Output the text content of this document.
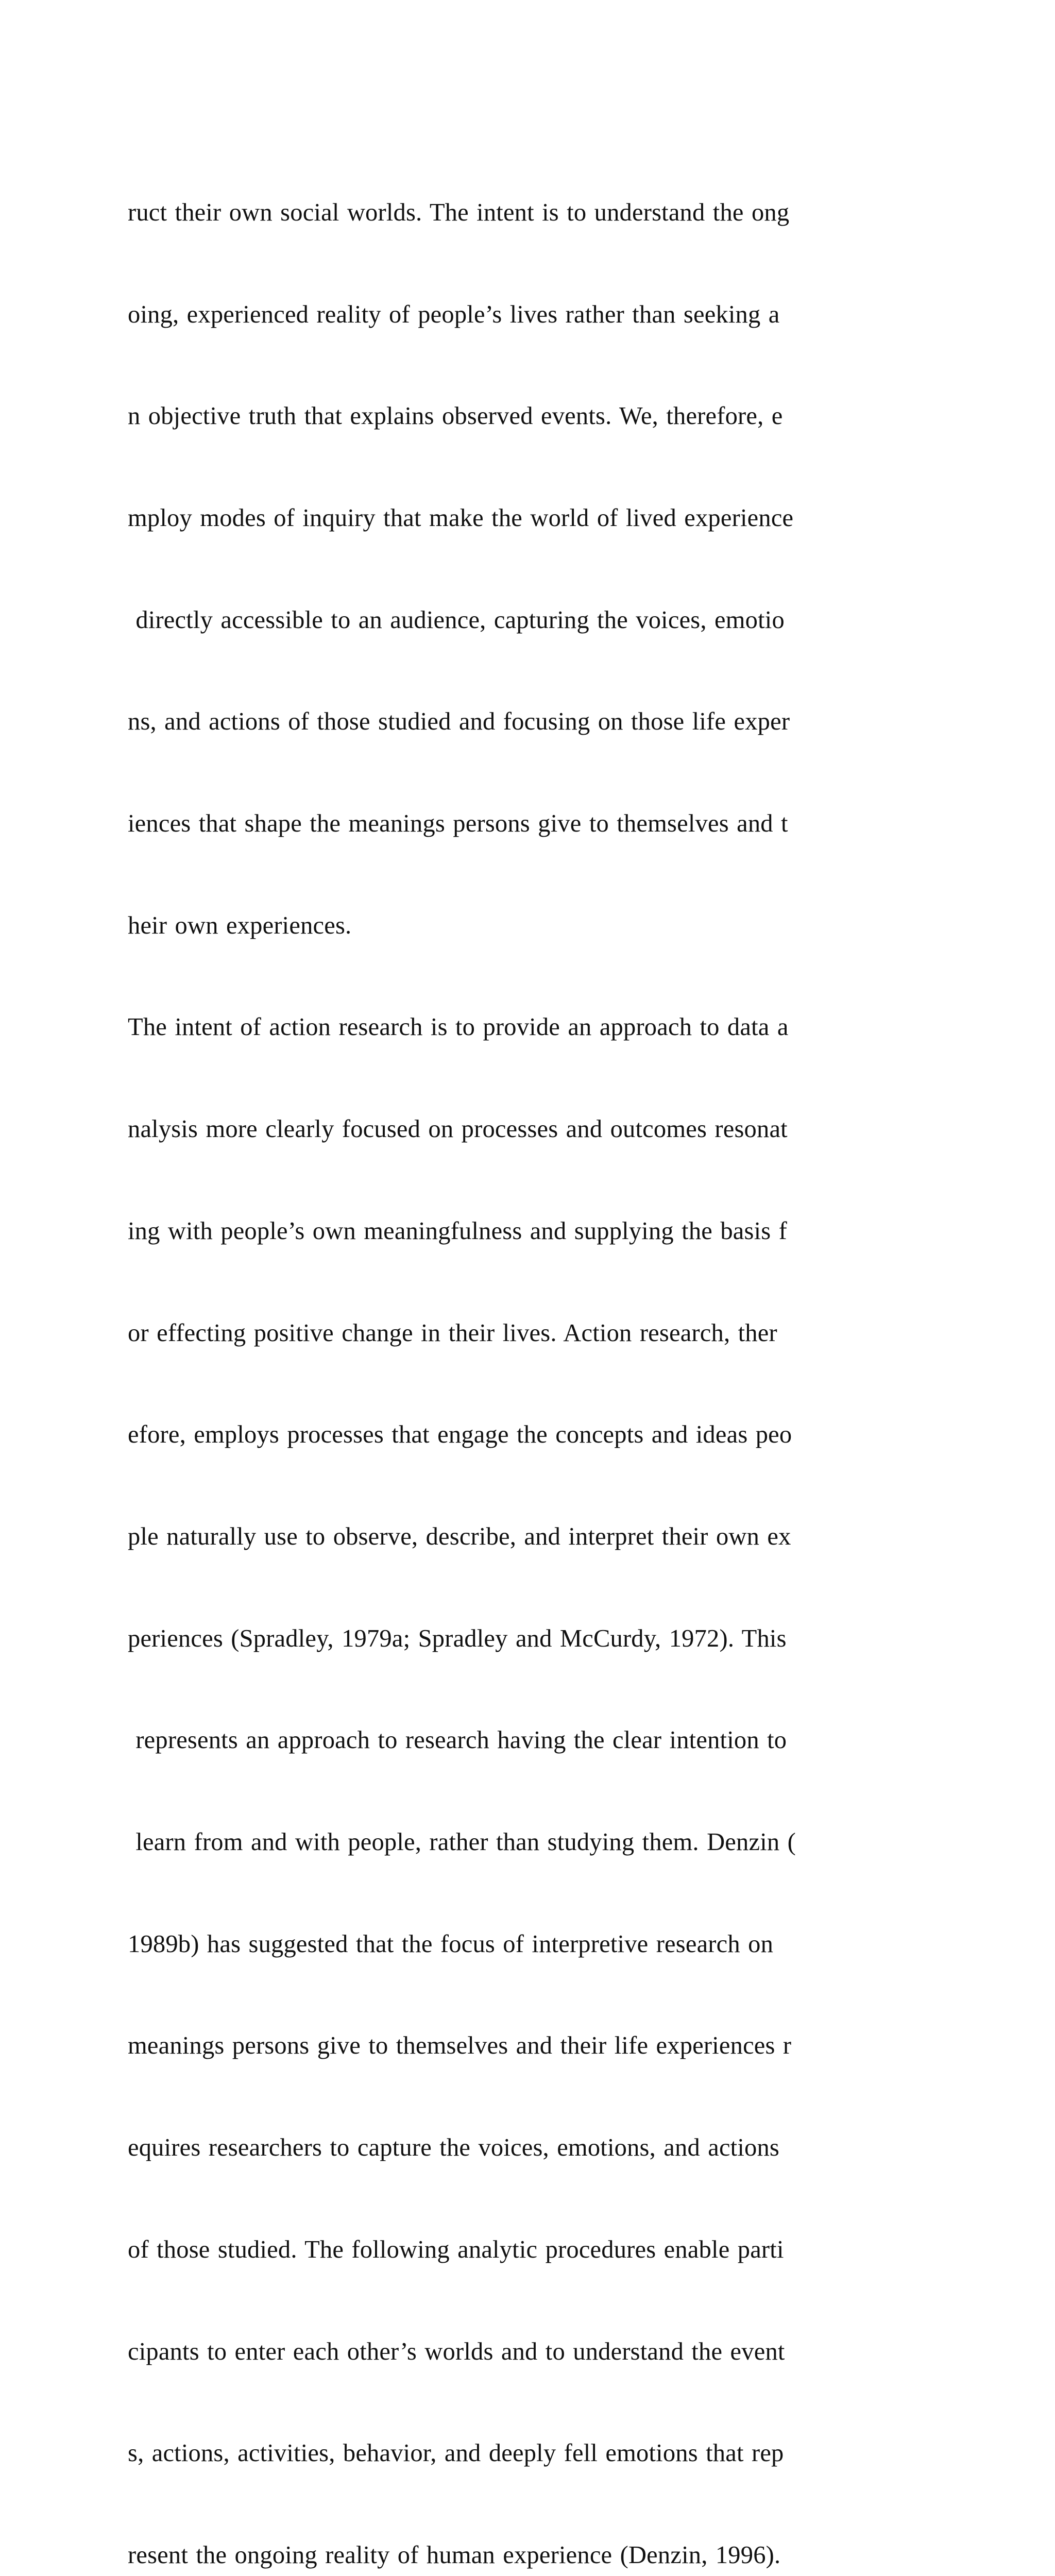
ruct their own social worlds. The intent is to understand the ong

oing, experienced reality of people’s lives rather than seeking a

n objective truth that explains observed events. We, therefore, e

mploy modes of inquiry that make the world of lived experience

directly accessible to an audience, capturing the voices, emotio

ns, and actions of those studied and focusing on those life exper

iences that shape the meanings persons give to themselves and t

heir own experiences.

The intent of action research is to provide an approach to data a

nalysis more clearly focused on processes and outcomes resonat

ing with people’s own meaningfulness and supplying the basis f

or effecting positive change in their lives. Action research, ther

efore, employs processes that engage the concepts and ideas peo

ple naturally use to observe, describe, and interpret their own ex

periences (Spradley, 1979a; Spradley and McCurdy, 1972). This

represents an approach to research having the clear intention to

learn from and with people, rather than studying them. Denzin (

1989b) has suggested that the focus of interpretive research on

meanings persons give to themselves and their life experiences r

equires researchers to capture the voices, emotions, and actions

of those studied. The following analytic procedures enable parti

cipants to enter each other’s worlds and to understand the event

s, actions, activities, behavior, and deeply fell emotions that rep

resent the ongoing reality of human experience (Denzin, 1996).
